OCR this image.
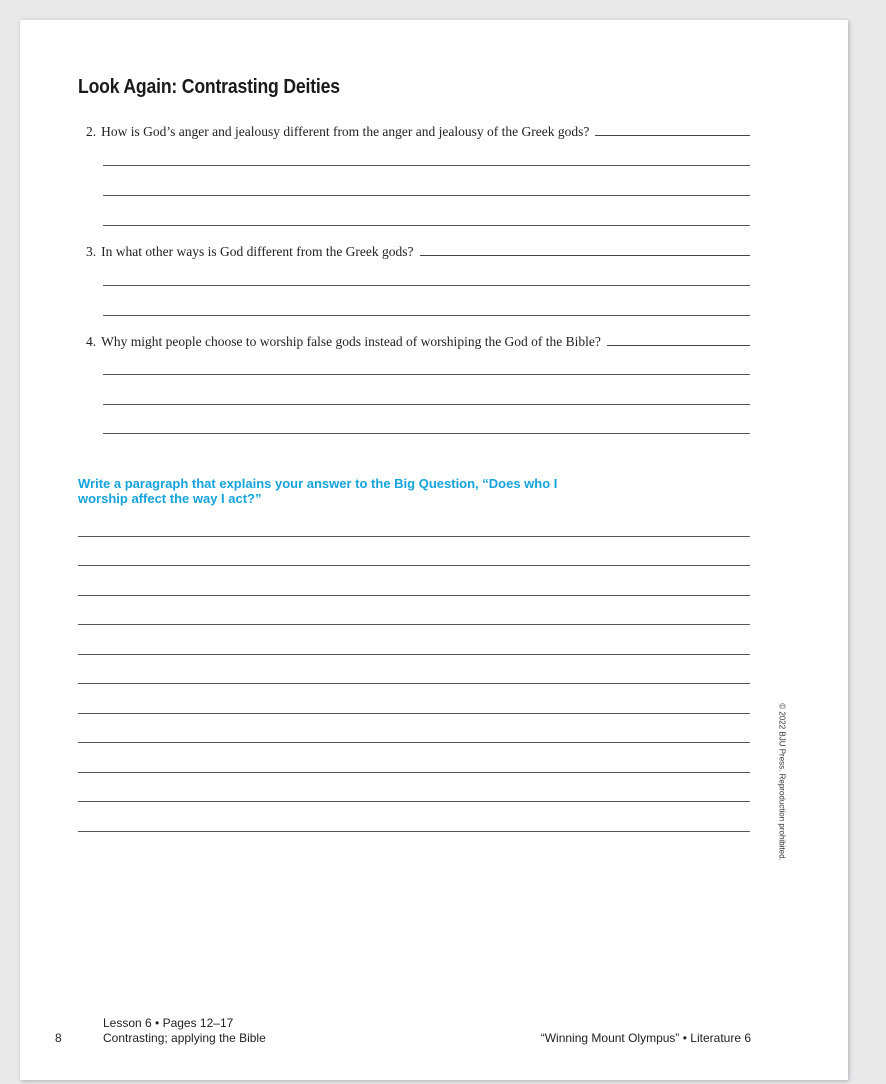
Look Again: Contrasting Deities
2. How is God’s anger and jealousy different from the anger and jealousy of the Greek gods?
3. In what other ways is God different from the Greek gods?
4. Why might people choose to worship false gods instead of worshiping the God of the Bible?
Write a paragraph that explains your answer to the Big Question, “Does who I worship affect the way I act?”
© 2022 BJU Press. Reproduction prohibited.
8
Lesson 6 • Pages 12–17
Contrasting; applying the Bible	“Winning Mount Olympus” • Literature 6
